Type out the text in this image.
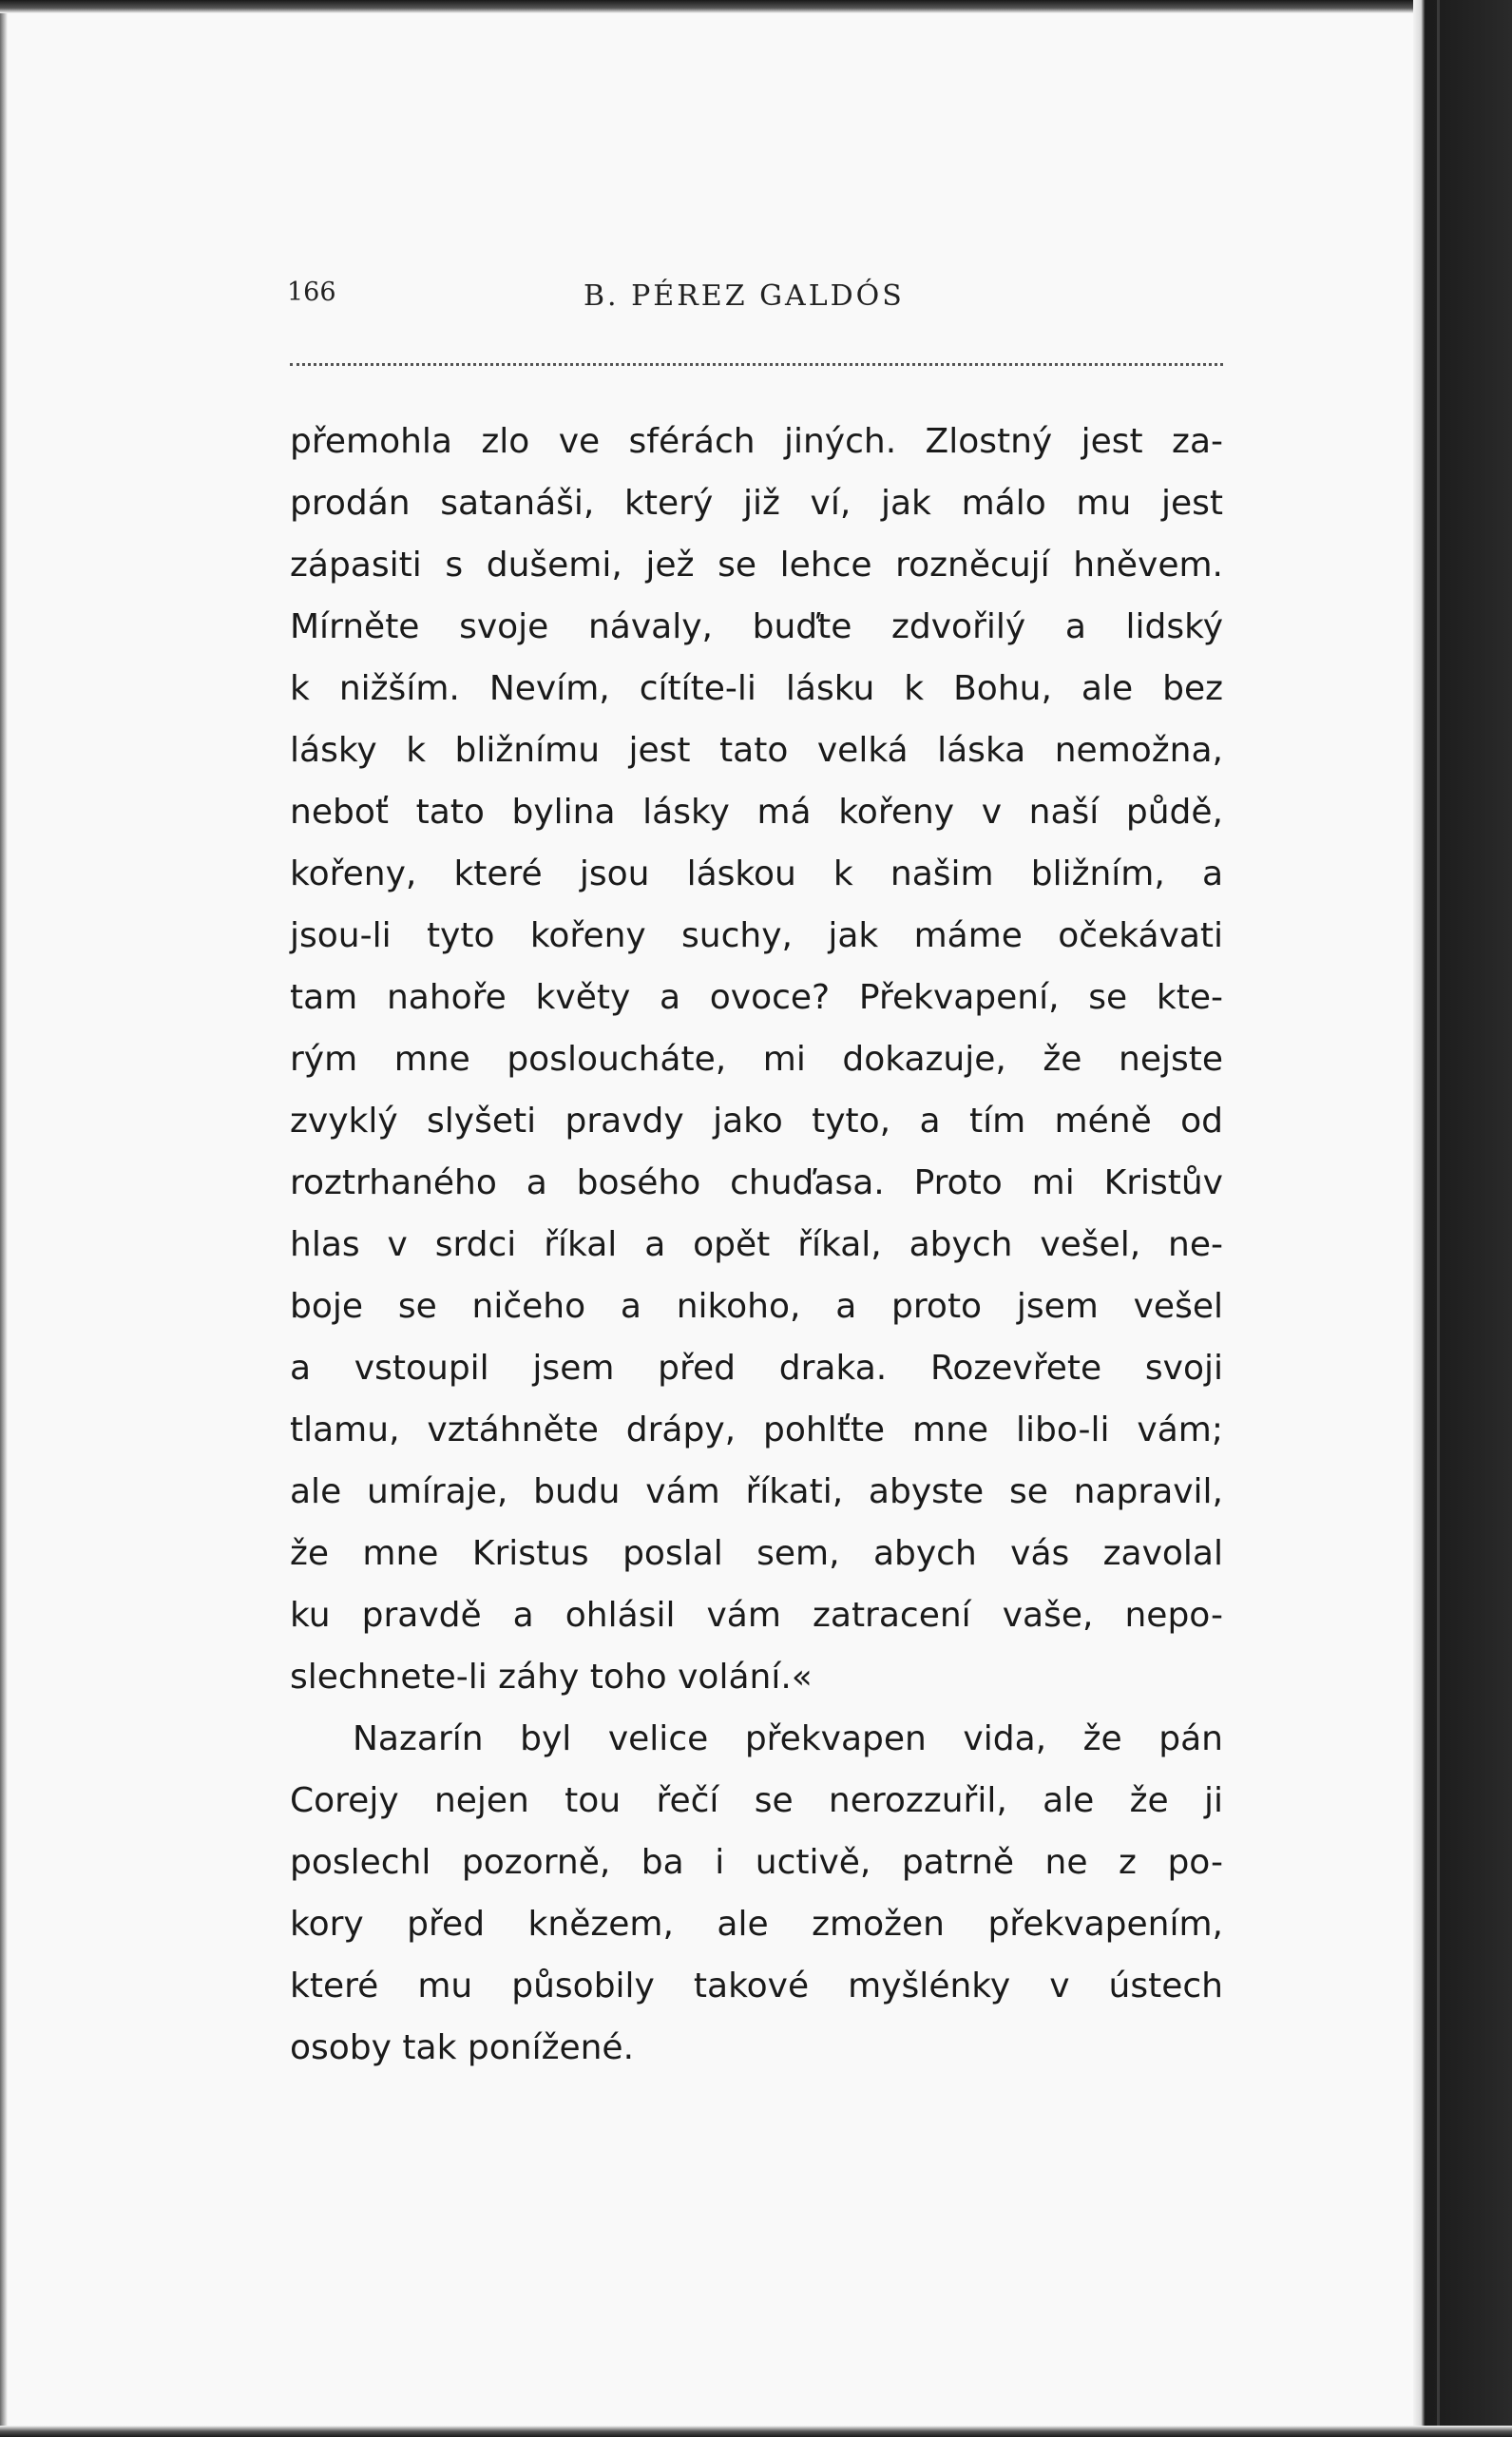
166	B. PÉREZ GALDÓS
přemohla zlo ve sférách jiných. Zlostný jest za-
prodán satanáši, který již ví, jak málo mu jest
zápasiti s dušemi, jež se lehce rozněcují hněvem.
Mírněte svoje návaly, buďte zdvořilý a lidský
k nižším. Nevím, cítíte-li lásku k Bohu, ale bez
lásky k bližnímu jest tato velká láska nemožna,
neboť tato bylina lásky má kořeny v naší půdě,
kořeny, které jsou láskou k našim bližním, a
jsou-li tyto kořeny suchy, jak máme očekávati
tam nahoře květy a ovoce? Překvapení, se kte-
rým mne posloucháte, mi dokazuje, že nejste
zvyklý slyšeti pravdy jako tyto, a tím méně od
roztrhaného a bosého chuďasa. Proto mi Kristův
hlas v srdci říkal a opět říkal, abych vešel, ne-
boje se ničeho a nikoho, a proto jsem vešel
a vstoupil jsem před draka. Rozevřete svoji
tlamu, vztáhněte drápy, pohlťte mne libo-li vám;
ale umíraje, budu vám říkati, abyste se napravil,
že mne Kristus poslal sem, abych vás zavolal
ku pravdě a ohlásil vám zatracení vaše, nepo-
slechnete-li záhy toho volání.«
Nazarín byl velice překvapen vida, že pán
Corejy nejen tou řečí se nerozzuřil, ale že ji
poslechl pozorně, ba i uctivě, patrně ne z po-
kory před knězem, ale zmožen překvapením,
které mu působily takové myšlénky v ústech
osoby tak ponížené.
